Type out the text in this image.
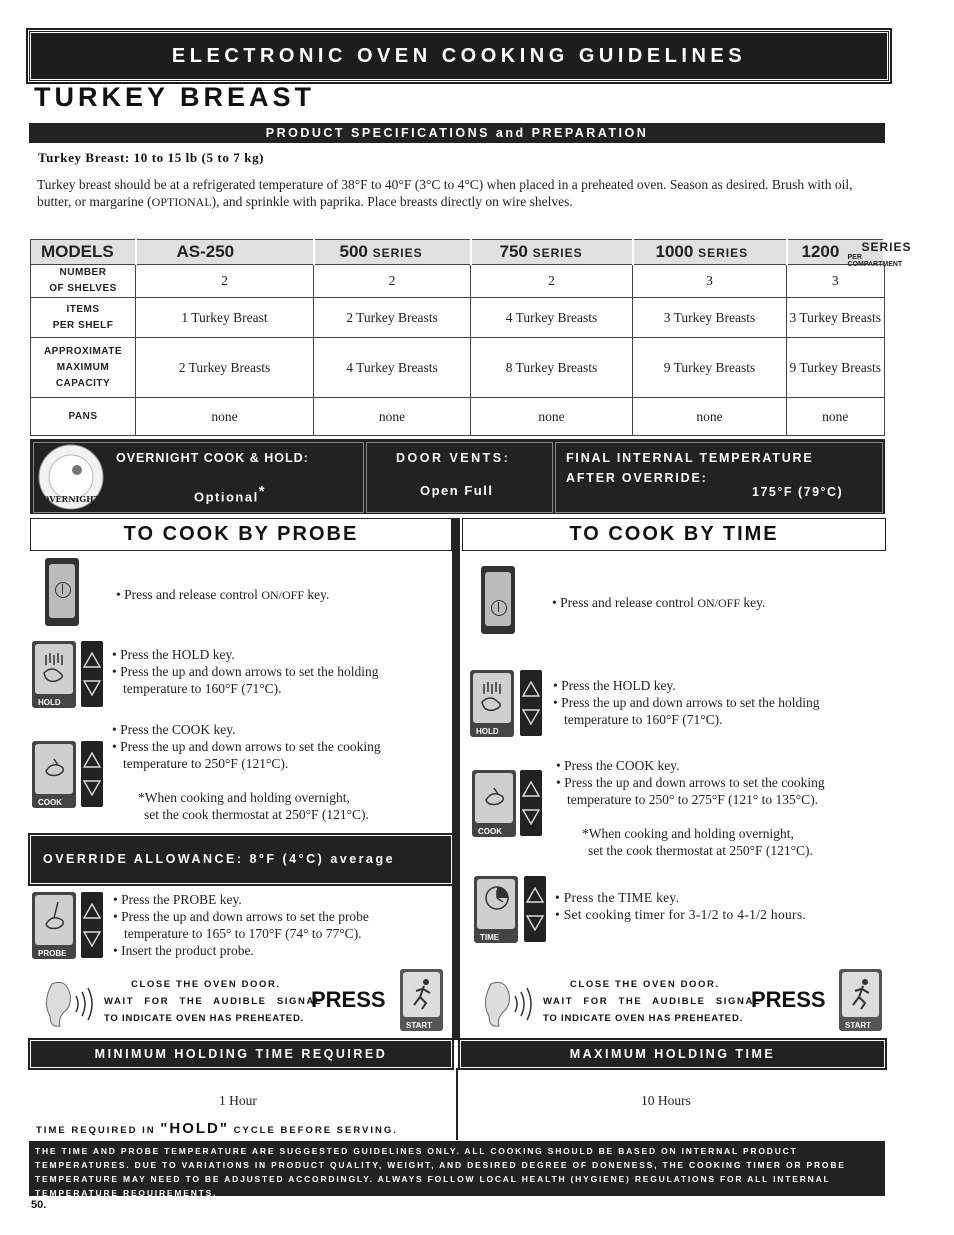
ELECTRONIC OVEN COOKING GUIDELINES
TURKEY BREAST
PRODUCT SPECIFICATIONS and PREPARATION
Turkey Breast: 10 to 15 lb (5 to 7 kg)
Turkey breast should be at a refrigerated temperature of 38°F to 40°F (3°C to 4°C) when placed in a preheated oven. Season as desired. Brush with oil, butter, or margarine (OPTIONAL), and sprinkle with paprika. Place breasts directly on wire shelves.
MODELS	AS-250	500 SERIES	750 SERIES	1000 SERIES	1200 SERIES
PER COMPARTMENT

NUMBER
OF SHELVES	2	2	2	3	3
ITEMS
PER SHELF	1 Turkey Breast	2 Turkey Breasts	4 Turkey Breasts	3 Turkey Breasts	3 Turkey Breasts
APPROXIMATE
MAXIMUM
CAPACITY	2 Turkey Breasts	4 Turkey Breasts	8 Turkey Breasts	9 Turkey Breasts	9 Turkey Breasts
PANS	none	none	none	none	none
OVERNIGHT
OVERNIGHT COOK & HOLD:
Optional*
DOOR VENTS:
Open Full
FINAL INTERNAL TEMPERATURE
AFTER OVERRIDE:
175°F (79°C)
TO COOK BY PROBE	TO COOK BY TIME
• Press and release control ON/OFF key.
HOLD
• Press the HOLD key.
• Press the up and down arrows to set the holding
temperature to 160°F (71°C).
COOK
• Press the COOK key.
• Press the up and down arrows to set the cooking
temperature to 250°F (121°C).
*When cooking and holding overnight,
set the cook thermostat at 250°F (121°C).
OVERRIDE ALLOWANCE: 8°F (4°C) average
PROBE
• Press the PROBE key.
• Press the up and down arrows to set the probe
temperature to 165° to 170°F (74° to 77°C).
• Insert the product probe.
CLOSE THE OVEN DOOR.
WAIT FOR THE AUDIBLE SIGNAL
TO INDICATE OVEN HAS PREHEATED.
PRESS
START
MINIMUM HOLDING TIME REQUIRED
1 Hour
TIME REQUIRED IN "HOLD" CYCLE BEFORE SERVING.
• Press and release control ON/OFF key.
HOLD
• Press the HOLD key.
• Press the up and down arrows to set the holding
temperature to 160°F (71°C).
COOK
• Press the COOK key.
• Press the up and down arrows to set the cooking
temperature to 250° to 275°F (121° to 135°C).
*When cooking and holding overnight,
set the cook thermostat at 250°F (121°C).
TIME
• Press the TIME key.
• Set cooking timer for 3-1/2 to 4-1/2 hours.
CLOSE THE OVEN DOOR.
WAIT FOR THE AUDIBLE SIGNAL
TO INDICATE OVEN HAS PREHEATED.
PRESS
START
MAXIMUM HOLDING TIME
10 Hours
THE TIME AND PROBE TEMPERATURE ARE SUGGESTED GUIDELINES ONLY. ALL COOKING SHOULD BE BASED ON INTERNAL PRODUCT TEMPERATURES. DUE TO VARIATIONS IN PRODUCT QUALITY, WEIGHT, AND DESIRED DEGREE OF DONENESS, THE COOKING TIMER OR PROBE TEMPERATURE MAY NEED TO BE ADJUSTED ACCORDINGLY. ALWAYS FOLLOW LOCAL HEALTH (HYGIENE) REGULATIONS FOR ALL INTERNAL TEMPERATURE REQUIREMENTS.
50.
